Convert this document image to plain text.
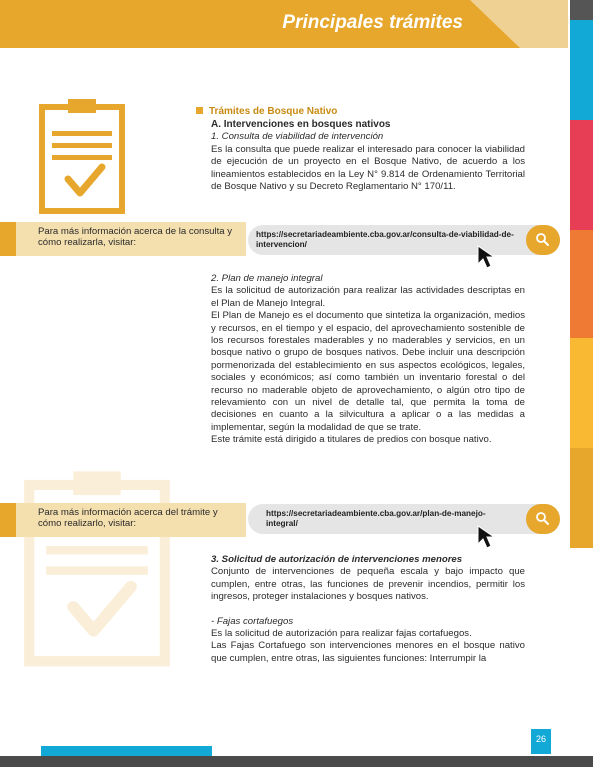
Principales trámites
Trámites de Bosque Nativo
A. Intervenciones en bosques nativos
1. Consulta de viabilidad de intervención
Es la consulta que puede realizar el interesado para conocer la viabilidad de ejecución de un proyecto en el Bosque Nativo, de acuerdo a los lineamientos establecidos en la Ley N° 9.814 de Ordenamiento Territorial de Bosque Nativo y su Decreto Reglamentario N° 170/11.
Para más información acerca de la consulta y cómo realizarla, visitar:
https://secretariadeambiente.cba.gov.ar/consulta-de-viabilidad-de-intervencion/
2. Plan de manejo integral
Es la solicitud de autorización para realizar las actividades descriptas en el Plan de Manejo Integral.
El Plan de Manejo es el documento que sintetiza la organización, medios y recursos, en el tiempo y el espacio, del aprovechamiento sostenible de los recursos forestales maderables y no maderables y servicios, en un bosque nativo o grupo de bosques nativos. Debe incluir una descripción pormenorizada del establecimiento en sus aspectos ecológicos, legales, sociales y económicos; así como también un inventario forestal o del recurso no maderable objeto de aprovechamiento, o algún otro tipo de relevamiento con un nivel de detalle tal, que permita la toma de decisiones en cuanto a la silvicultura a aplicar o a las medidas a implementar, según la modalidad de que se trate.
Este trámite está dirigido a titulares de predios con bosque nativo.
Para más información acerca del trámite y cómo realizarlo, visitar:
https://secretariadeambiente.cba.gov.ar/plan-de-manejo-integral/
3. Solicitud de autorización de intervenciones menores
Conjunto de intervenciones de pequeña escala y bajo impacto que cumplen, entre otras, las funciones de prevenir incendios, permitir los ingresos, proteger instalaciones y bosques nativos.
- Fajas cortafuegos
Es la solicitud de autorización para realizar fajas cortafuegos.
Las Fajas Cortafuego son intervenciones menores en el bosque nativo que cumplen, entre otras, las siguientes funciones: Interrumpir la
26
